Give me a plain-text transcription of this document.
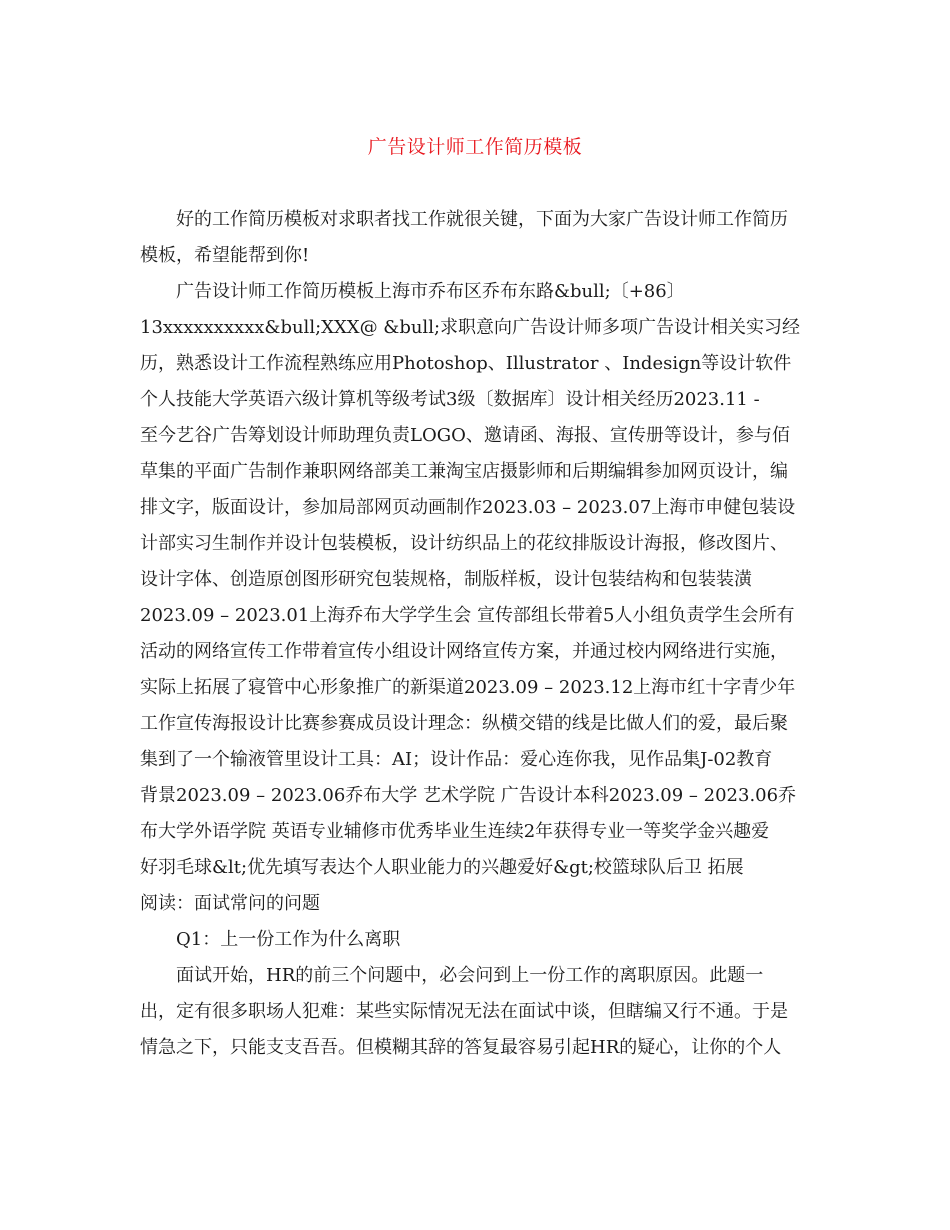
广告设计师工作简历模板
好的工作简历模板对求职者找工作就很关键，下面为大家广告设计师工作简历
模板，希望能帮到你!
广告设计师工作简历模板上海市乔布区乔布东路&bull;〔+86〕
13xxxxxxxxxx&bull;XXX@ &bull;求职意向广告设计师多项广告设计相关实习经
历，熟悉设计工作流程熟练应用Photoshop、Illustrator 、Indesign等设计软件
个人技能大学英语六级计算机等级考试3级〔数据库〕设计相关经历2023.11 -
至今艺谷广告筹划设计师助理负责LOGO、邀请函、海报、宣传册等设计，参与佰
草集的平面广告制作兼职网络部美工兼淘宝店摄影师和后期编辑参加网页设计，编
排文字，版面设计，参加局部网页动画制作2023.03 – 2023.07上海市申健包装设
计部实习生制作并设计包装模板，设计纺织品上的花纹排版设计海报，修改图片、
设计字体、创造原创图形研究包装规格，制版样板，设计包装结构和包装装潢
2023.09 – 2023.01上海乔布大学学生会 宣传部组长带着5人小组负责学生会所有
活动的网络宣传工作带着宣传小组设计网络宣传方案，并通过校内网络进行实施，
实际上拓展了寝管中心形象推广的新渠道2023.09 – 2023.12上海市红十字青少年
工作宣传海报设计比赛参赛成员设计理念：纵横交错的线是比做人们的爱，最后聚
集到了一个输液管里设计工具：AI；设计作品：爱心连你我，见作品集J-02教育
背景2023.09 – 2023.06乔布大学 艺术学院 广告设计本科2023.09 – 2023.06乔
布大学外语学院 英语专业辅修市优秀毕业生连续2年获得专业一等奖学金兴趣爱
好羽毛球&lt;优先填写表达个人职业能力的兴趣爱好&gt;校篮球队后卫 拓展
阅读：面试常问的问题
Q1：上一份工作为什么离职
面试开始，HR的前三个问题中，必会问到上一份工作的离职原因。此题一
出，定有很多职场人犯难：某些实际情况无法在面试中谈，但瞎编又行不通。于是
情急之下，只能支支吾吾。但模糊其辞的答复最容易引起HR的疑心，让你的个人
